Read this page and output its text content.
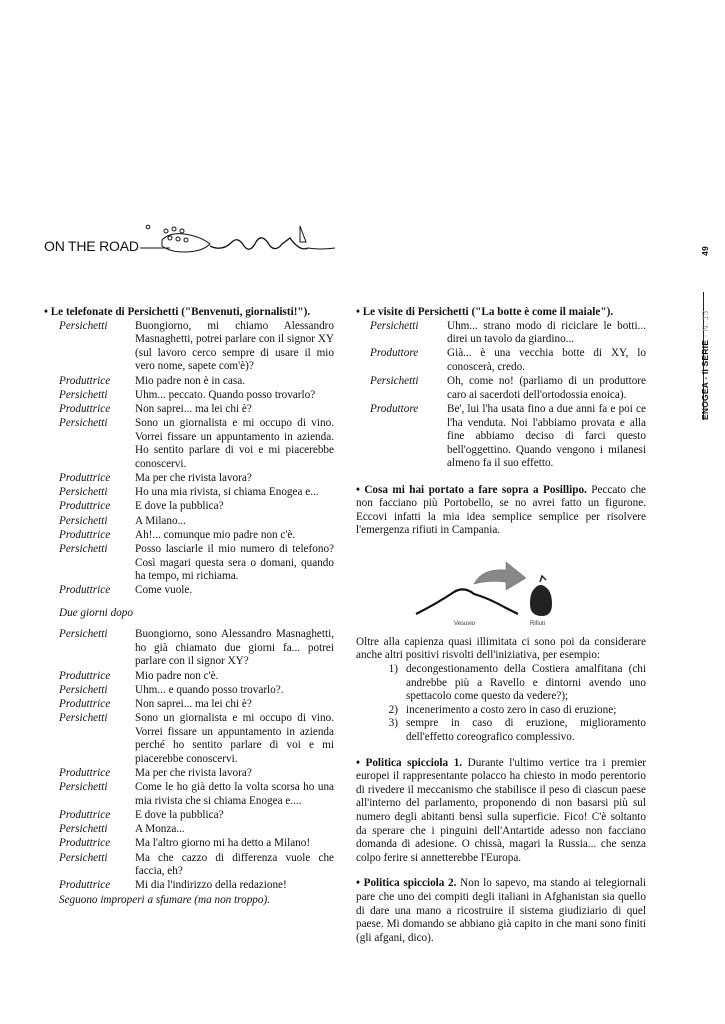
ON THE ROAD
ENOGEA - II SERIE - N. 13 49

• Le telefonate di Persichetti ("Benvenuti, giornalisti!").

Persichetti	Buongiorno, mi chiamo Alessandro Masnaghetti, potrei parlare con il signor XY (sul lavoro cerco sempre di usare il mio vero nome, sapete com'è)?
Produttrice	Mio padre non è in casa.
Persichetti	Uhm... peccato. Quando posso trovarlo?
Produttrice	Non saprei... ma lei chi è?
Persichetti	Sono un giornalista e mi occupo di vino. Vorrei fissare un appuntamento in azienda. Ho sentito parlare di voi e mi piacerebbe conoscervi.
Produttrice	Ma per che rivista lavora?
Persichetti	Ho una mia rivista, si chiama Enogea e...
Produttrice	E dove la pubblica?
Persichetti	A Milano...
Produttrice	Ah!... comunque mio padre non c'è.
Persichetti	Posso lasciarle il mio numero di telefono? Così magari questa sera o domani, quando ha tempo, mi richiama.
Produttrice	Come vuole.

Due giorni dopo

Persichetti	Buongiorno, sono Alessandro Masnaghetti, ho già chiamato due giorni fa... potrei parlare con il signor XY?
Produttrice	Mio padre non c'è.
Persichetti	Uhm... e quando posso trovarlo?.
Produttrice	Non saprei... ma lei chi è?
Persichetti	Sono un giornalista e mi occupo di vino. Vorrei fissare un appuntamento in azienda perché ho sentito parlare di voi e mi piacerebbe conoscervi.
Produttrice	Ma per che rivista lavora?
Persichetti	Come le ho già detto la volta scorsa ho una mia rivista che si chiama Enogea e....
Produttrice	E dove la pubblica?
Persichetti	A Monza...
Produttrice	Ma l'altro giorno mi ha detto a Milano!
Persichetti	Ma che cazzo di differenza vuole che faccia, eh?
Produttrice	Mi dia l'indirizzo della redazione!

Seguono improperi a sfumare (ma non troppo).

• Le visite di Persichetti ("La botte è come il maiale").

Persichetti	Uhm... strano modo di riciclare le botti... direi un tavolo da giardino...
Produttore	Già... è una vecchia botte di XY, lo conoscerà, credo.
Persichetti	Oh, come no! (parliamo di un produttore caro ai sacerdoti dell'ortodossia enoica).
Produttore	Be', lui l'ha usata fino a due anni fa e poi ce l'ha venduta. Noi l'abbiamo provata e alla fine abbiamo deciso di farci questo bell'oggettino. Quando vengono i milanesi almeno fa il suo effetto.

• Cosa mi hai portato a fare sopra a Posillipo. Peccato che non facciano più Portobello, se no avrei fatto un figurone. Eccovi infatti la mia idea semplice semplice per risolvere l'emergenza rifiuti in Campania.

Vesuvio	Rifiuti

Oltre alla capienza quasi illimitata ci sono poi da considerare anche altri positivi risvolti dell'iniziativa, per esempio:

1) decongestionamento della Costiera amalfitana (chi andrebbe più a Ravello e dintorni avendo uno spettacolo come questo da vedere?);
2) incenerimento a costo zero in caso di eruzione;
3) sempre in caso di eruzione, miglioramento dell'effetto coreografico complessivo.

• Politica spicciola 1. Durante l'ultimo vertice tra i premier europei il rappresentante polacco ha chiesto in modo perentorio di rivedere il meccanismo che stabilisce il peso di ciascun paese all'interno del parlamento, proponendo di non basarsi più sul numero degli abitanti bensì sulla superficie. Fico! C'è soltanto da sperare che i pinguini dell'Antartide adesso non facciano domanda di adesione. O chissà, magari la Russia... che senza colpo ferire si annetterebbe l'Europa.

• Politica spicciola 2. Non lo sapevo, ma stando ai telegiornali pare che uno dei compiti degli italiani in Afghanistan sia quello di dare una mano a ricostruire il sistema giudiziario di quel paese. Mi domando se abbiano già capito in che mani sono finiti (gli afgani, dico).
